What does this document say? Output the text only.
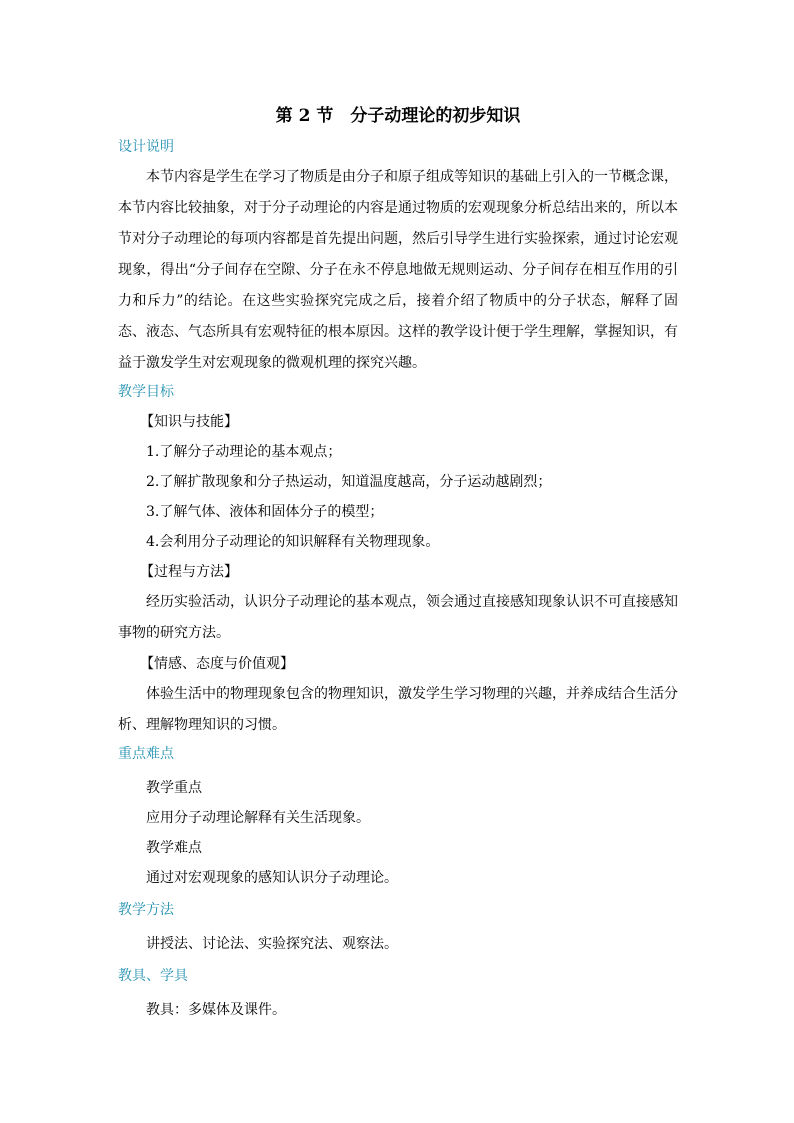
第 2 节　分子动理论的初步知识
设计说明

本节内容是学生在学习了物质是由分子和原子组成等知识的基础上引入的一节概念课，本节内容比较抽象，对于分子动理论的内容是通过物质的宏观现象分析总结出来的，所以本节对分子动理论的每项内容都是首先提出问题，然后引导学生进行实验探索，通过讨论宏观现象，得出“分子间存在空隙、分子在永不停息地做无规则运动、分子间存在相互作用的引力和斥力”的结论。在这些实验探究完成之后，接着介绍了物质中的分子状态，解释了固态、液态、气态所具有宏观特征的根本原因。这样的教学设计便于学生理解，掌握知识，有益于激发学生对宏观现象的微观机理的探究兴趣。

教学目标

【知识与技能】

1.了解分子动理论的基本观点；

2.了解扩散现象和分子热运动，知道温度越高，分子运动越剧烈；

3.了解气体、液体和固体分子的模型；

4.会利用分子动理论的知识解释有关物理现象。

【过程与方法】

经历实验活动，认识分子动理论的基本观点，领会通过直接感知现象认识不可直接感知事物的研究方法。

【情感、态度与价值观】

体验生活中的物理现象包含的物理知识，激发学生学习物理的兴趣，并养成结合生活分析、理解物理知识的习惯。

重点难点

教学重点

应用分子动理论解释有关生活现象。

教学难点

通过对宏观现象的感知认识分子动理论。

教学方法

讲授法、讨论法、实验探究法、观察法。

教具、学具

教具：多媒体及课件。
